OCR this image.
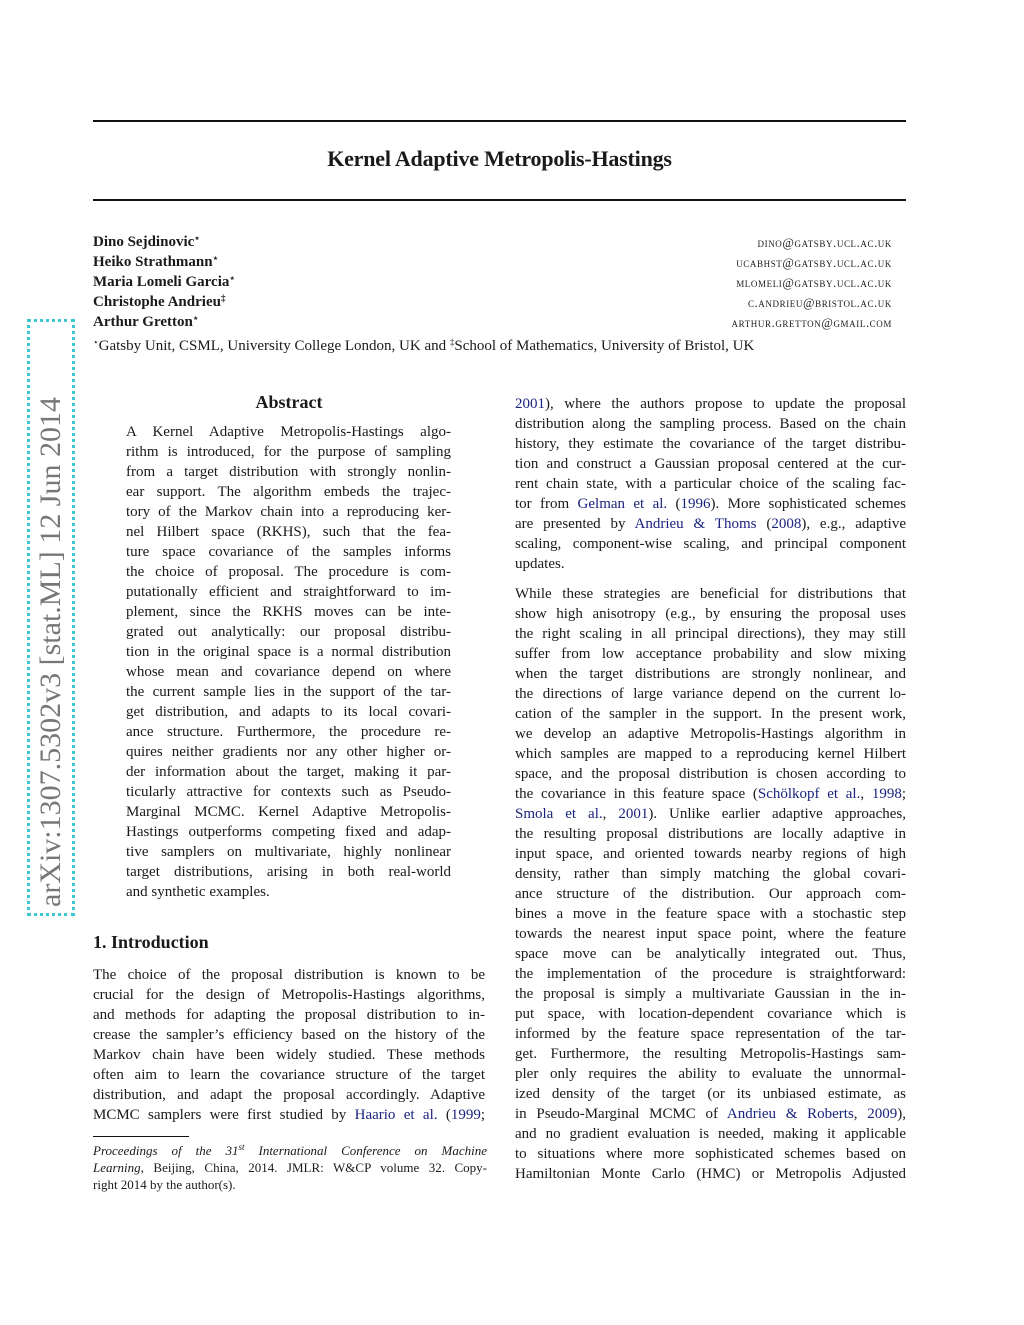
arXiv:1307.5302v3 [stat.ML] 12 Jun 2014
Kernel Adaptive Metropolis-Hastings
Dino Sejdinovic⋆	dino@gatsby.ucl.ac.uk
Heiko Strathmann⋆	ucabhst@gatsby.ucl.ac.uk
Maria Lomeli Garcia⋆	mlomeli@gatsby.ucl.ac.uk
Christophe Andrieu‡	c.andrieu@bristol.ac.uk
Arthur Gretton⋆	arthur.gretton@gmail.com
⋆Gatsby Unit, CSML, University College London, UK and ‡School of Mathematics, University of Bristol, UK
Abstract
A Kernel Adaptive Metropolis-Hastings algo-
rithm is introduced, for the purpose of sampling
from a target distribution with strongly nonlin-
ear support. The algorithm embeds the trajec-
tory of the Markov chain into a reproducing ker-
nel Hilbert space (RKHS), such that the fea-
ture space covariance of the samples informs
the choice of proposal. The procedure is com-
putationally efficient and straightforward to im-
plement, since the RKHS moves can be inte-
grated out analytically: our proposal distribu-
tion in the original space is a normal distribution
whose mean and covariance depend on where
the current sample lies in the support of the tar-
get distribution, and adapts to its local covari-
ance structure. Furthermore, the procedure re-
quires neither gradients nor any other higher or-
der information about the target, making it par-
ticularly attractive for contexts such as Pseudo-
Marginal MCMC. Kernel Adaptive Metropolis-
Hastings outperforms competing fixed and adap-
tive samplers on multivariate, highly nonlinear
target distributions, arising in both real-world
and synthetic examples.
1. Introduction
The choice of the proposal distribution is known to be
crucial for the design of Metropolis-Hastings algorithms,
and methods for adapting the proposal distribution to in-
crease the sampler’s efficiency based on the history of the
Markov chain have been widely studied. These methods
often aim to learn the covariance structure of the target
distribution, and adapt the proposal accordingly. Adaptive
MCMC samplers were first studied by Haario et al. (1999;
2001), where the authors propose to update the proposal
distribution along the sampling process. Based on the chain
history, they estimate the covariance of the target distribu-
tion and construct a Gaussian proposal centered at the cur-
rent chain state, with a particular choice of the scaling fac-
tor from Gelman et al. (1996). More sophisticated schemes
are presented by Andrieu & Thoms (2008), e.g., adaptive
scaling, component-wise scaling, and principal component
updates.
While these strategies are beneficial for distributions that
show high anisotropy (e.g., by ensuring the proposal uses
the right scaling in all principal directions), they may still
suffer from low acceptance probability and slow mixing
when the target distributions are strongly nonlinear, and
the directions of large variance depend on the current lo-
cation of the sampler in the support. In the present work,
we develop an adaptive Metropolis-Hastings algorithm in
which samples are mapped to a reproducing kernel Hilbert
space, and the proposal distribution is chosen according to
the covariance in this feature space (Schölkopf et al., 1998;
Smola et al., 2001). Unlike earlier adaptive approaches,
the resulting proposal distributions are locally adaptive in
input space, and oriented towards nearby regions of high
density, rather than simply matching the global covari-
ance structure of the distribution. Our approach com-
bines a move in the feature space with a stochastic step
towards the nearest input space point, where the feature
space move can be analytically integrated out. Thus,
the implementation of the procedure is straightforward:
the proposal is simply a multivariate Gaussian in the in-
put space, with location-dependent covariance which is
informed by the feature space representation of the tar-
get. Furthermore, the resulting Metropolis-Hastings sam-
pler only requires the ability to evaluate the unnormal-
ized density of the target (or its unbiased estimate, as
in Pseudo-Marginal MCMC of Andrieu & Roberts, 2009),
and no gradient evaluation is needed, making it applicable
to situations where more sophisticated schemes based on
Hamiltonian Monte Carlo (HMC) or Metropolis Adjusted
Proceedings of the 31st International Conference on Machine
Learning, Beijing, China, 2014. JMLR: W&CP volume 32. Copy-
right 2014 by the author(s).
